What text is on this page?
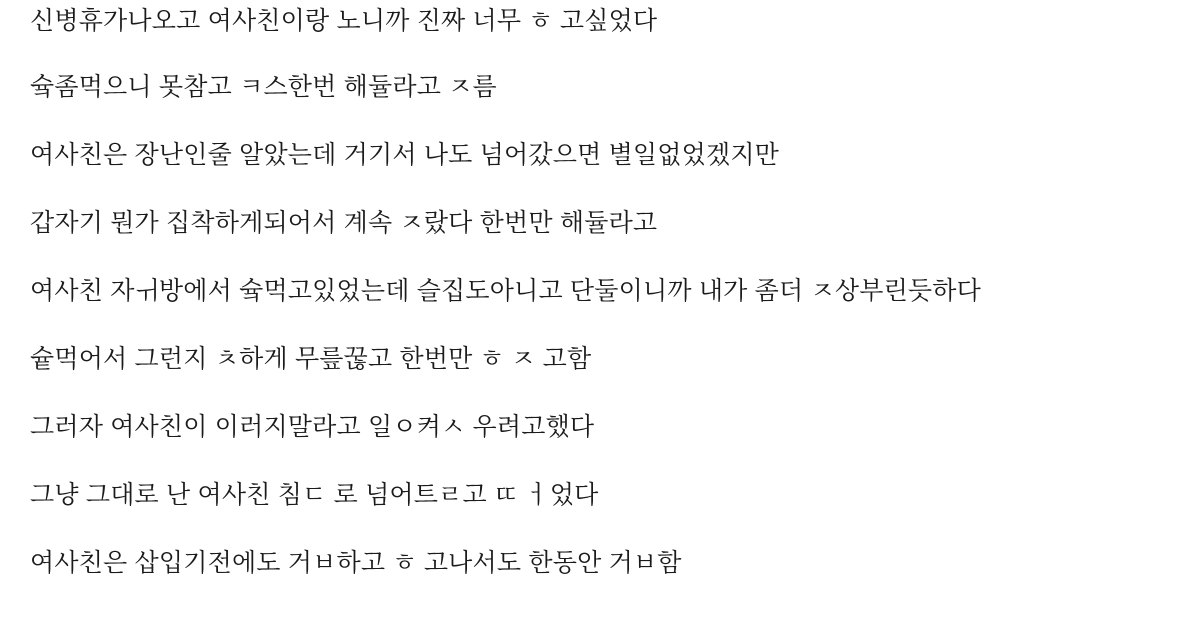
신병휴가나오고 여사친이랑 노니까 진짜 너무 ㅎ 고싶었다
슠좀먹으니 못참고 ㅋ스한번 해듈라고 ㅈ름
여사친은 장난인줄 알았는데 거기서 나도 넘어갔으면 별일없었겠지만
갑자기 뭔가 집착하게되어서 계속 ㅈ랐다 한번만 해듈라고
여사친 자ㅟ방에서 슠먹고있었는데 슬집도아니고 단둘이니까 내가 좀더 ㅈ상부린듯하다
슡먹어서 그런지 ㅊ하게 무릎꾾고 한번만 ㅎ ㅈ 고함
그러자 여사친이 이러지말라고 일ㅇ켜ㅅ 우려고했다
그냥 그대로 난 여사친 침ㄷ 로 넘어트ㄹ고 ㄸ ㅓ었다
여사친은 삽입기전에도 거ㅂ하고 ㅎ 고나서도 한동안 거ㅂ함
